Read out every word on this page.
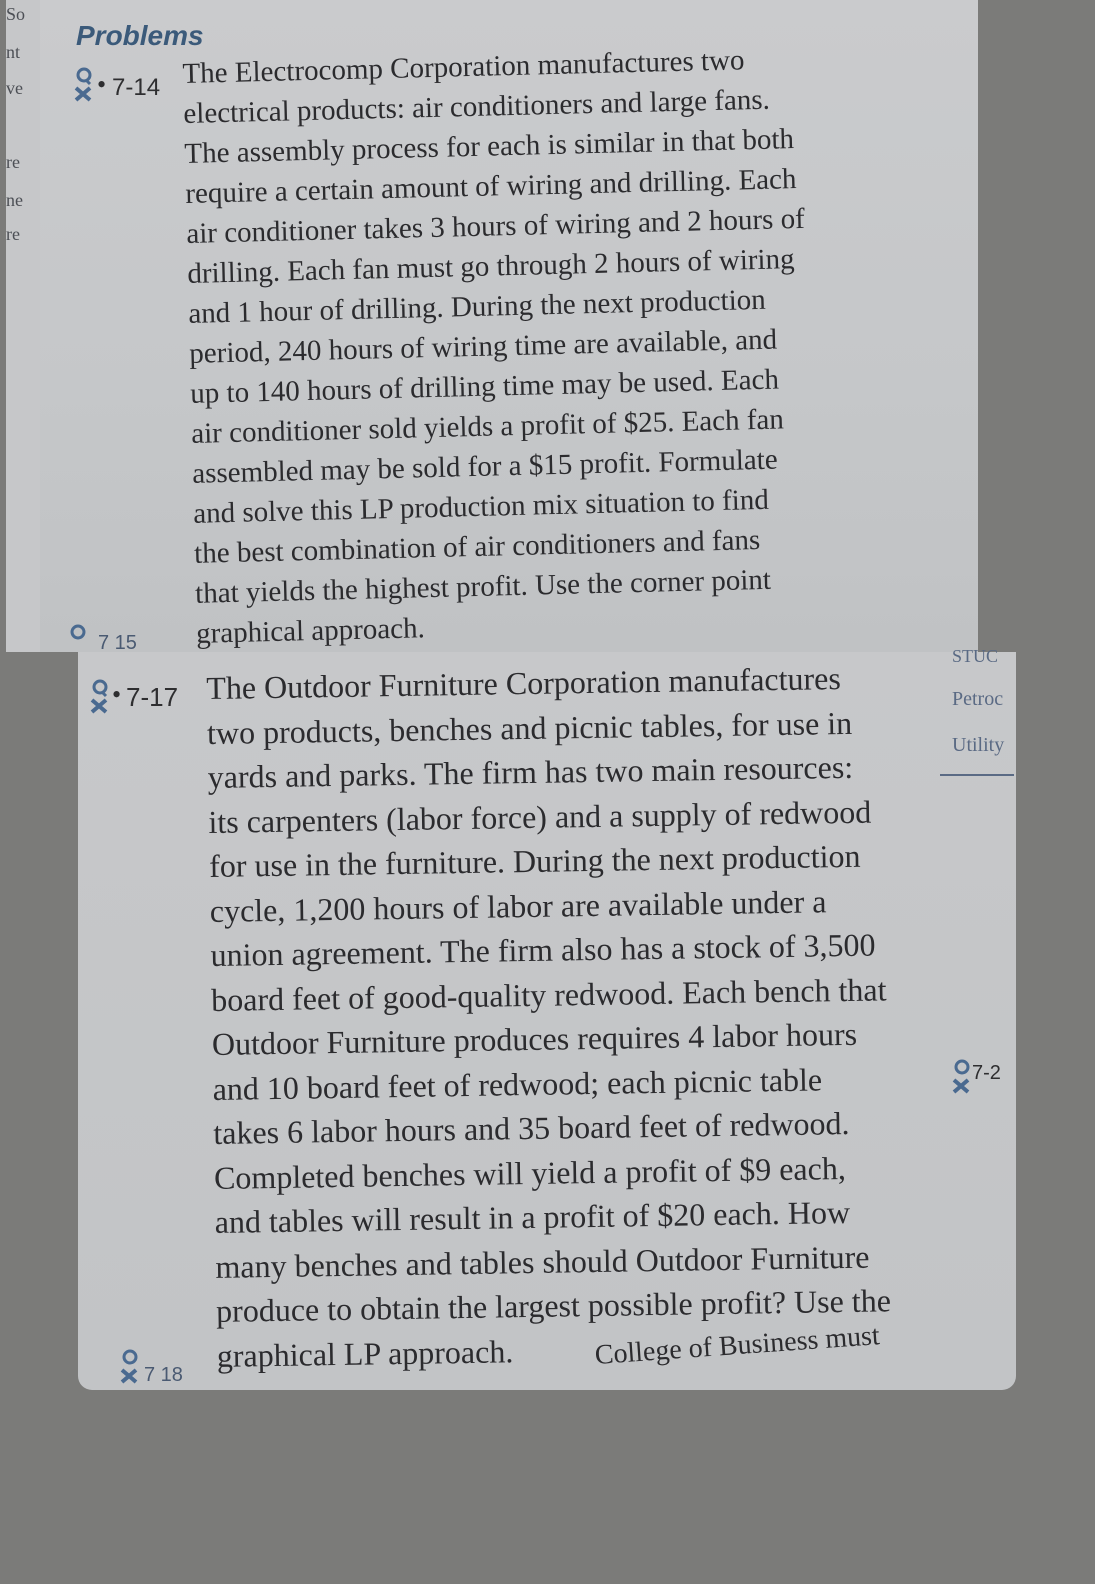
So
nt
ve
re
ne
re
Problems
• 7-14 The Electrocomp Corporation manufactures two
electrical products: air conditioners and large fans.
The assembly process for each is similar in that both
require a certain amount of wiring and drilling. Each
air conditioner takes 3 hours of wiring and 2 hours of
drilling. Each fan must go through 2 hours of wiring
and 1 hour of drilling. During the next production
period, 240 hours of wiring time are available, and
up to 140 hours of drilling time may be used. Each
air conditioner sold yields a profit of $25. Each fan
assembled may be sold for a $15 profit. Formulate
and solve this LP production mix situation to find
the best combination of air conditioners and fans
that yields the highest profit. Use the corner point
graphical approach.
7 15
• 7-17 The Outdoor Furniture Corporation manufactures
two products, benches and picnic tables, for use in
yards and parks. The firm has two main resources:
its carpenters (labor force) and a supply of redwood
for use in the furniture. During the next production
cycle, 1,200 hours of labor are available under a
union agreement. The firm also has a stock of 3,500
board feet of good-quality redwood. Each bench that
Outdoor Furniture produces requires 4 labor hours
and 10 board feet of redwood; each picnic table
takes 6 labor hours and 35 board feet of redwood.
Completed benches will yield a profit of $9 each,
and tables will result in a profit of $20 each. How
many benches and tables should Outdoor Furniture
produce to obtain the largest possible profit? Use the
graphical LP approach.
7 18
STUC
Petroc
Utility
7-2
College of Business must
